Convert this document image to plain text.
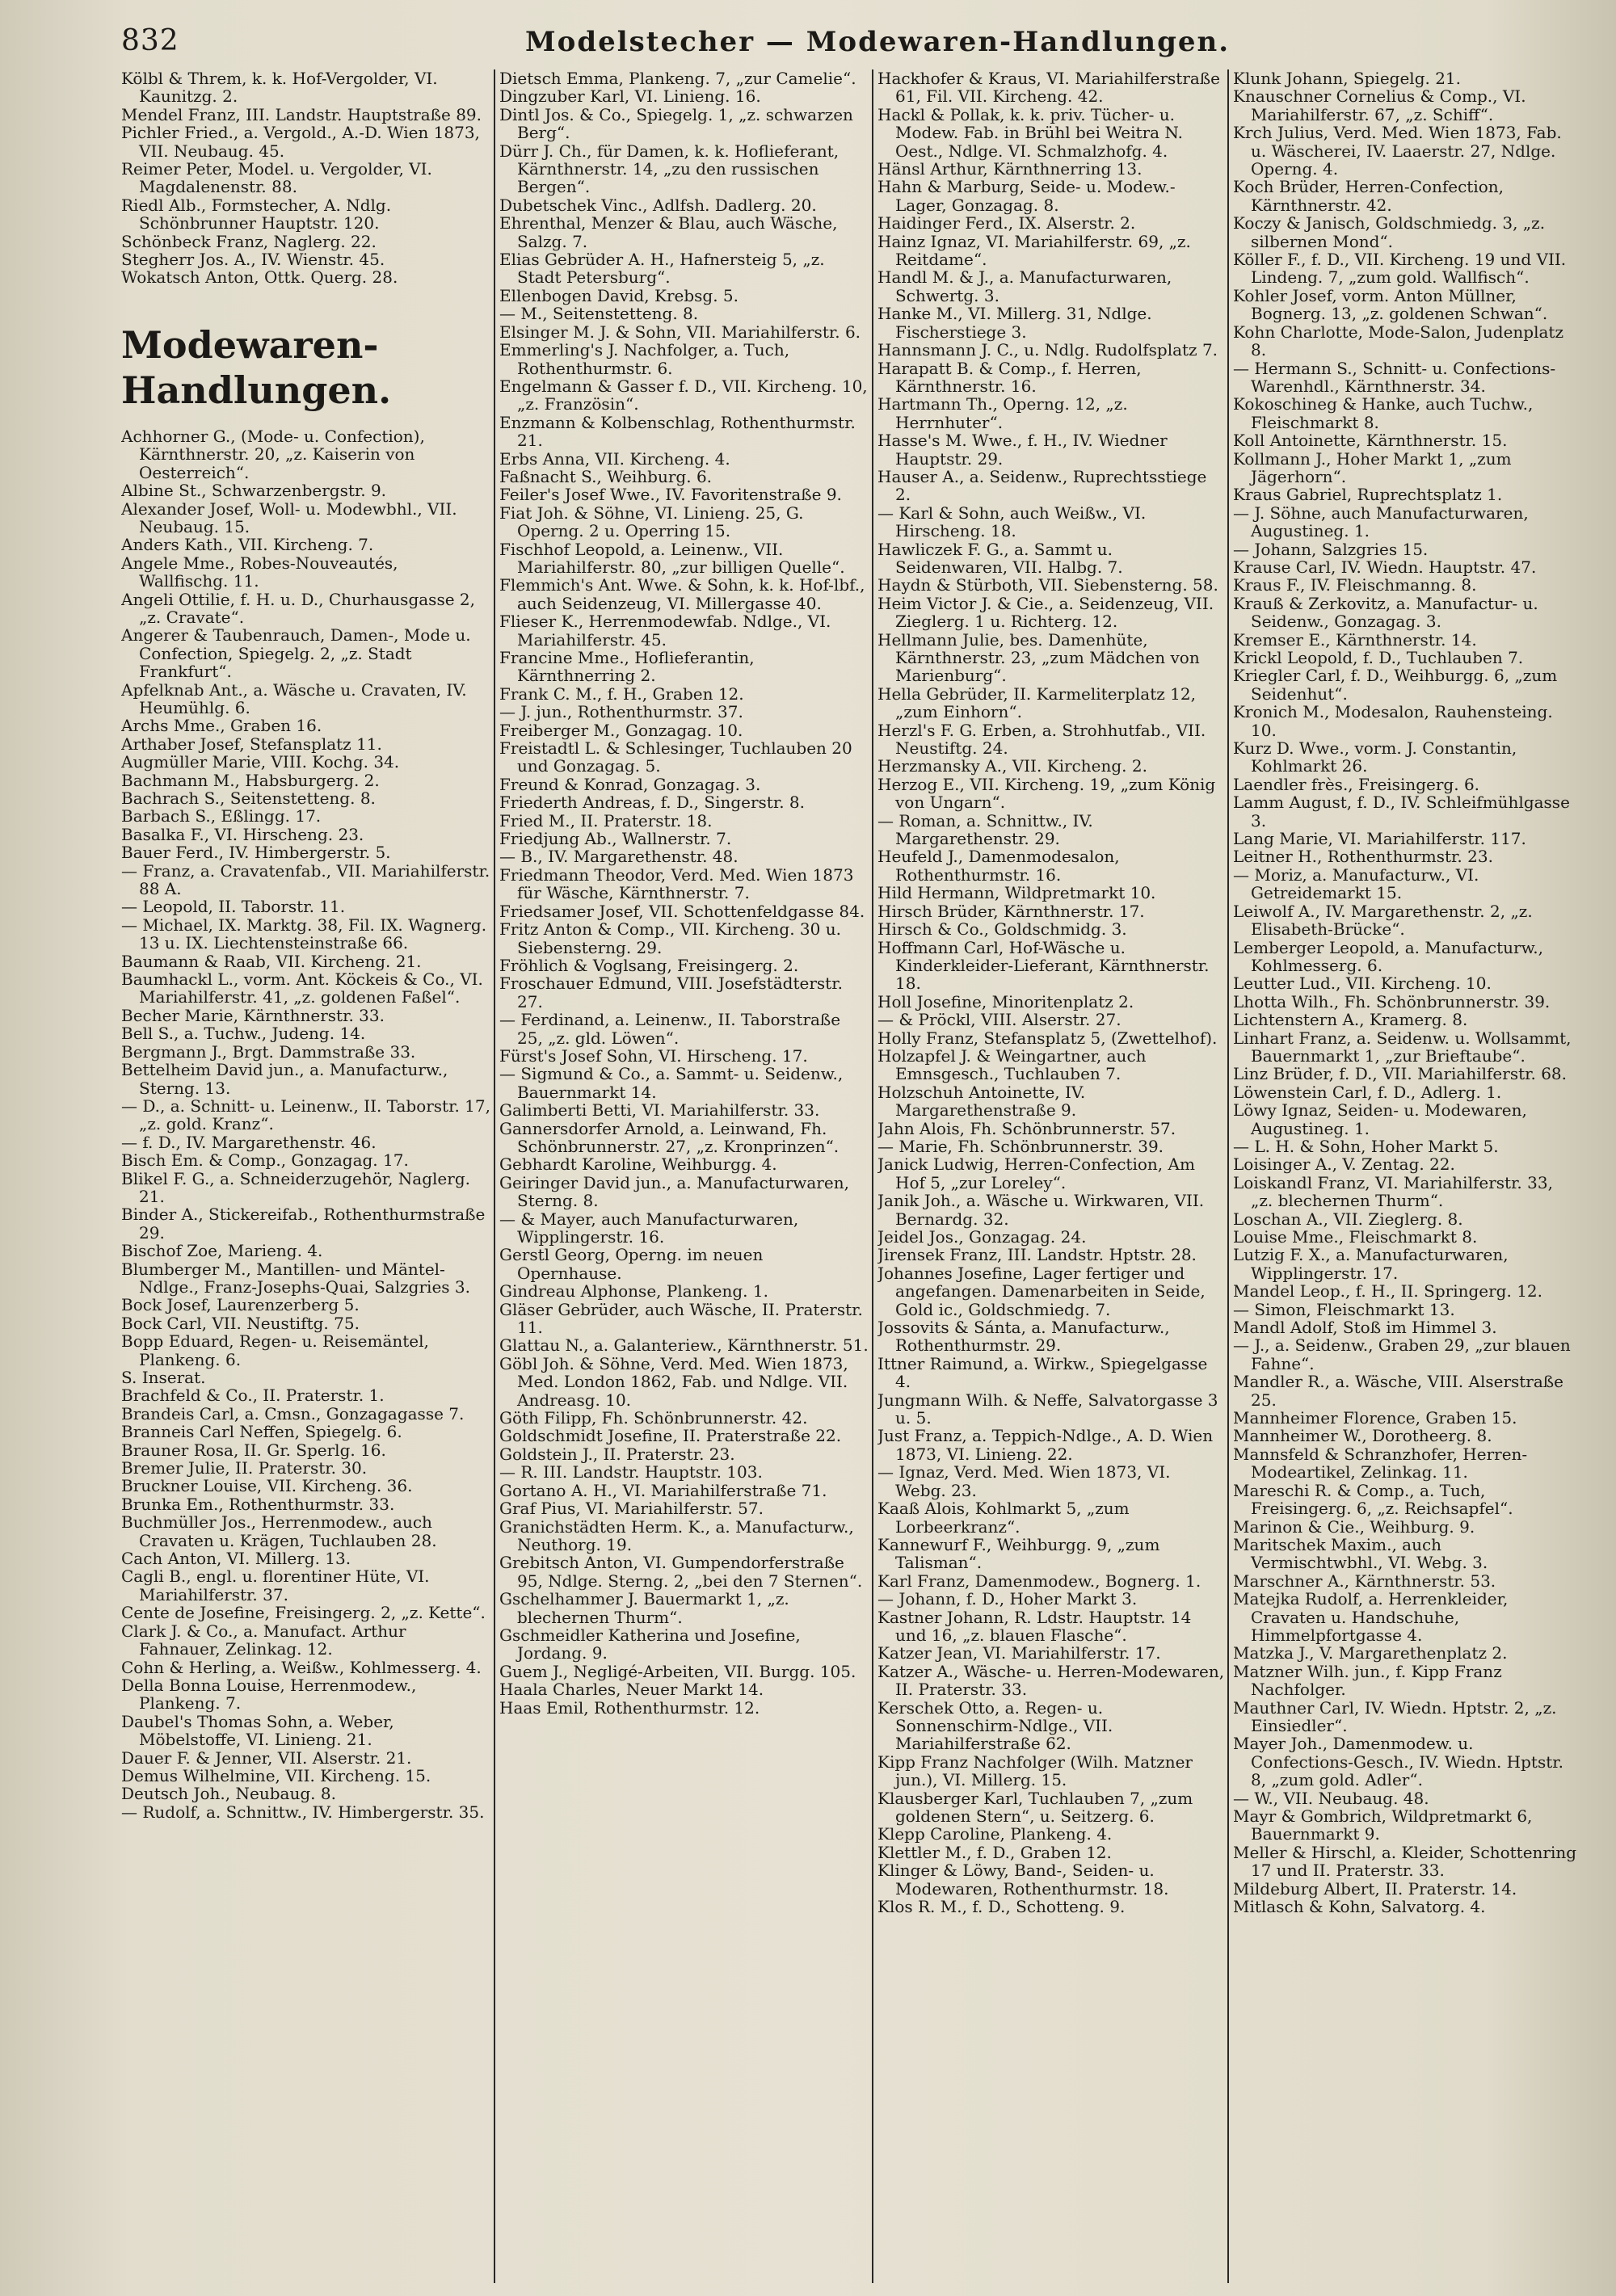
832	Modelstecher — Modewaren-Handlungen.

Kölbl & Threm, k. k. Hof-Vergolder, VI. Kaunitzg. 2.

Mendel Franz, III. Landstr. Hauptstraße 89.

Pichler Fried., a. Vergold., A.-D. Wien 1873, VII. Neubaug. 45.

Reimer Peter, Model. u. Vergolder, VI. Magdalenenstr. 88.

Riedl Alb., Formstecher, A. Ndlg. Schönbrunner Hauptstr. 120.

Schönbeck Franz, Naglerg. 22.

Stegherr Jos. A., IV. Wienstr. 45.

Wokatsch Anton, Ottk. Querg. 28.

Modewaren-Handlungen.

Achhorner G., (Mode- u. Confection), Kärnthnerstr. 20, „z. Kaiserin von Oesterreich“.

Albine St., Schwarzenbergstr. 9.

Alexander Josef, Woll- u. Modewbhl., VII. Neubaug. 15.

Anders Kath., VII. Kircheng. 7.

Angele Mme., Robes-Nouveautés, Wallfischg. 11.

Angeli Ottilie, f. H. u. D., Churhausgasse 2, „z. Cravate“.

Angerer & Taubenrauch, Damen-, Mode u. Confection, Spiegelg. 2, „z. Stadt Frankfurt“.

Apfelknab Ant., a. Wäsche u. Cravaten, IV. Heumühlg. 6.

Archs Mme., Graben 16.

Arthaber Josef, Stefansplatz 11.

Augmüller Marie, VIII. Kochg. 34.

Bachmann M., Habsburgerg. 2.

Bachrach S., Seitenstetteng. 8.

Barbach S., Eßlingg. 17.

Basalka F., VI. Hirscheng. 23.

Bauer Ferd., IV. Himbergerstr. 5.

— Franz, a. Cravatenfab., VII. Mariahilferstr. 88 A.

— Leopold, II. Taborstr. 11.

— Michael, IX. Marktg. 38, Fil. IX. Wagnerg. 13 u. IX. Liechtensteinstraße 66.

Baumann & Raab, VII. Kircheng. 21.

Baumhackl L., vorm. Ant. Köckeis & Co., VI. Mariahilferstr. 41, „z. goldenen Faßel“.

Becher Marie, Kärnthnerstr. 33.

Bell S., a. Tuchw., Judeng. 14.

Bergmann J., Brgt. Dammstraße 33.

Bettelheim David jun., a. Manufacturw., Sterng. 13.

— D., a. Schnitt- u. Leinenw., II. Taborstr. 17, „z. gold. Kranz“.

— f. D., IV. Margarethenstr. 46.

Bisch Em. & Comp., Gonzagag. 17.

Blikel F. G., a. Schneiderzugehör, Naglerg. 21.

Binder A., Stickereifab., Rothenthurmstraße 29.

Bischof Zoe, Marieng. 4.

Blumberger M., Mantillen- und Mäntel-Ndlge., Franz-Josephs-Quai, Salzgries 3.

Bock Josef, Laurenzerberg 5.

Bock Carl, VII. Neustiftg. 75.

Bopp Eduard, Regen- u. Reisemäntel, Plankeng. 6.

S. Inserat.

Brachfeld & Co., II. Praterstr. 1.

Brandeis Carl, a. Cmsn., Gonzagagasse 7.

Branneis Carl Neffen, Spiegelg. 6.

Brauner Rosa, II. Gr. Sperlg. 16.

Bremer Julie, II. Praterstr. 30.

Bruckner Louise, VII. Kircheng. 36.

Brunka Em., Rothenthurmstr. 33.

Buchmüller Jos., Herrenmodew., auch Cravaten u. Krägen, Tuchlauben 28.

Cach Anton, VI. Millerg. 13.

Cagli B., engl. u. florentiner Hüte, VI. Mariahilferstr. 37.

Cente de Josefine, Freisingerg. 2, „z. Kette“.

Clark J. & Co., a. Manufact. Arthur Fahnauer, Zelinkag. 12.

Cohn & Herling, a. Weißw., Kohlmesserg. 4.

Della Bonna Louise, Herrenmodew., Plankeng. 7.

Daubel's Thomas Sohn, a. Weber, Möbelstoffe, VI. Linieng. 21.

Dauer F. & Jenner, VII. Alserstr. 21.

Demus Wilhelmine, VII. Kircheng. 15.

Deutsch Joh., Neubaug. 8.

— Rudolf, a. Schnittw., IV. Himbergerstr. 35.

Dietsch Emma, Plankeng. 7, „zur Camelie“.

Dingzuber Karl, VI. Linieng. 16.

Dintl Jos. & Co., Spiegelg. 1, „z. schwarzen Berg“.

Dürr J. Ch., für Damen, k. k. Hoflieferant, Kärnthnerstr. 14, „zu den russischen Bergen“.

Dubetschek Vinc., Adlfsh. Dadlerg. 20.

Ehrenthal, Menzer & Blau, auch Wäsche, Salzg. 7.

Elias Gebrüder A. H., Hafnersteig 5, „z. Stadt Petersburg“.

Ellenbogen David, Krebsg. 5.

— M., Seitenstetteng. 8.

Elsinger M. J. & Sohn, VII. Mariahilferstr. 6.

Emmerling's J. Nachfolger, a. Tuch, Rothenthurmstr. 6.

Engelmann & Gasser f. D., VII. Kircheng. 10, „z. Französin“.

Enzmann & Kolbenschlag, Rothenthurmstr. 21.

Erbs Anna, VII. Kircheng. 4.

Faßnacht S., Weihburg. 6.

Feiler's Josef Wwe., IV. Favoritenstraße 9.

Fiat Joh. & Söhne, VI. Linieng. 25, G. Operng. 2 u. Operring 15.

Fischhof Leopold, a. Leinenw., VII. Mariahilferstr. 80, „zur billigen Quelle“.

Flemmich's Ant. Wwe. & Sohn, k. k. Hof-lbf., auch Seidenzeug, VI. Millergasse 40.

Flieser K., Herrenmodewfab. Ndlge., VI. Mariahilferstr. 45.

Francine Mme., Hoflieferantin, Kärnthnerring 2.

Frank C. M., f. H., Graben 12.

— J. jun., Rothenthurmstr. 37.

Freiberger M., Gonzagag. 10.

Freistadtl L. & Schlesinger, Tuchlauben 20 und Gonzagag. 5.

Freund & Konrad, Gonzagag. 3.

Friederth Andreas, f. D., Singerstr. 8.

Fried M., II. Praterstr. 18.

Friedjung Ab., Wallnerstr. 7.

— B., IV. Margarethenstr. 48.

Friedmann Theodor, Verd. Med. Wien 1873 für Wäsche, Kärnthnerstr. 7.

Friedsamer Josef, VII. Schottenfeldgasse 84.

Fritz Anton & Comp., VII. Kircheng. 30 u. Siebensterng. 29.

Fröhlich & Voglsang, Freisingerg. 2.

Froschauer Edmund, VIII. Josefstädterstr. 27.

— Ferdinand, a. Leinenw., II. Taborstraße 25, „z. gld. Löwen“.

Fürst's Josef Sohn, VI. Hirscheng. 17.

— Sigmund & Co., a. Sammt- u. Seidenw., Bauernmarkt 14.

Galimberti Betti, VI. Mariahilferstr. 33.

Gannersdorfer Arnold, a. Leinwand, Fh. Schönbrunnerstr. 27, „z. Kronprinzen“.

Gebhardt Karoline, Weihburgg. 4.

Geiringer David jun., a. Manufacturwaren, Sterng. 8.

— & Mayer, auch Manufacturwaren, Wipplingerstr. 16.

Gerstl Georg, Operng. im neuen Opernhause.

Gindreau Alphonse, Plankeng. 1.

Gläser Gebrüder, auch Wäsche, II. Praterstr. 11.

Glattau N., a. Galanteriew., Kärnthnerstr. 51.

Göbl Joh. & Söhne, Verd. Med. Wien 1873, Med. London 1862, Fab. und Ndlge. VII. Andreasg. 10.

Göth Filipp, Fh. Schönbrunnerstr. 42.

Goldschmidt Josefine, II. Praterstraße 22.

Goldstein J., II. Praterstr. 23.

— R. III. Landstr. Hauptstr. 103.

Gortano A. H., VI. Mariahilferstraße 71.

Graf Pius, VI. Mariahilferstr. 57.

Granichstädten Herm. K., a. Manufacturw., Neuthorg. 19.

Grebitsch Anton, VI. Gumpendorferstraße 95, Ndlge. Sterng. 2, „bei den 7 Sternen“.

Gschelhammer J. Bauermarkt 1, „z. blechernen Thurm“.

Gschmeidler Katherina und Josefine, Jordang. 9.

Guem J., Negligé-Arbeiten, VII. Burgg. 105.

Haala Charles, Neuer Markt 14.

Haas Emil, Rothenthurmstr. 12.

Hackhofer & Kraus, VI. Mariahilferstraße 61, Fil. VII. Kircheng. 42.

Hackl & Pollak, k. k. priv. Tücher- u. Modew. Fab. in Brühl bei Weitra N. Oest., Ndlge. VI. Schmalzhofg. 4.

Hänsl Arthur, Kärnthnerring 13.

Hahn & Marburg, Seide- u. Modew.-Lager, Gonzagag. 8.

Haidinger Ferd., IX. Alserstr. 2.

Hainz Ignaz, VI. Mariahilferstr. 69, „z. Reitdame“.

Handl M. & J., a. Manufacturwaren, Schwertg. 3.

Hanke M., VI. Millerg. 31, Ndlge. Fischerstiege 3.

Hannsmann J. C., u. Ndlg. Rudolfsplatz 7.

Harapatt B. & Comp., f. Herren, Kärnthnerstr. 16.

Hartmann Th., Operng. 12, „z. Herrnhuter“.

Hasse's M. Wwe., f. H., IV. Wiedner Hauptstr. 29.

Hauser A., a. Seidenw., Ruprechtsstiege 2.

— Karl & Sohn, auch Weißw., VI. Hirscheng. 18.

Hawliczek F. G., a. Sammt u. Seidenwaren, VII. Halbg. 7.

Haydn & Stürboth, VII. Siebensterng. 58.

Heim Victor J. & Cie., a. Seidenzeug, VII. Zieglerg. 1 u. Richterg. 12.

Hellmann Julie, bes. Damenhüte, Kärnthnerstr. 23, „zum Mädchen von Marienburg“.

Hella Gebrüder, II. Karmeliterplatz 12, „zum Einhorn“.

Herzl's F. G. Erben, a. Strohhutfab., VII. Neustiftg. 24.

Herzmansky A., VII. Kircheng. 2.

Herzog E., VII. Kircheng. 19, „zum König von Ungarn“.

— Roman, a. Schnittw., IV. Margarethenstr. 29.

Heufeld J., Damenmodesalon, Rothenthurmstr. 16.

Hild Hermann, Wildpretmarkt 10.

Hirsch Brüder, Kärnthnerstr. 17.

Hirsch & Co., Goldschmidg. 3.

Hoffmann Carl, Hof-Wäsche u. Kinderkleider-Lieferant, Kärnthnerstr. 18.

Holl Josefine, Minoritenplatz 2.

— & Pröckl, VIII. Alserstr. 27.

Holly Franz, Stefansplatz 5, (Zwettelhof).

Holzapfel J. & Weingartner, auch Emnsgesch., Tuchlauben 7.

Holzschuh Antoinette, IV. Margarethenstraße 9.

Jahn Alois, Fh. Schönbrunnerstr. 57.

— Marie, Fh. Schönbrunnerstr. 39.

Janick Ludwig, Herren-Confection, Am Hof 5, „zur Loreley“.

Janik Joh., a. Wäsche u. Wirkwaren, VII. Bernardg. 32.

Jeidel Jos., Gonzagag. 24.

Jirensek Franz, III. Landstr. Hptstr. 28.

Johannes Josefine, Lager fertiger und angefangen. Damenarbeiten in Seide, Gold ic., Goldschmiedg. 7.

Jossovits & Sánta, a. Manufacturw., Rothenthurmstr. 29.

Ittner Raimund, a. Wirkw., Spiegelgasse 4.

Jungmann Wilh. & Neffe, Salvatorgasse 3 u. 5.

Just Franz, a. Teppich-Ndlge., A. D. Wien 1873, VI. Linieng. 22.

— Ignaz, Verd. Med. Wien 1873, VI. Webg. 23.

Kaaß Alois, Kohlmarkt 5, „zum Lorbeerkranz“.

Kannewurf F., Weihburgg. 9, „zum Talisman“.

Karl Franz, Damenmodew., Bognerg. 1.

— Johann, f. D., Hoher Markt 3.

Kastner Johann, R. Ldstr. Hauptstr. 14 und 16, „z. blauen Flasche“.

Katzer Jean, VI. Mariahilferstr. 17.

Katzer A., Wäsche- u. Herren-Modewaren, II. Praterstr. 33.

Kerschek Otto, a. Regen- u. Sonnenschirm-Ndlge., VII. Mariahilferstraße 62.

Kipp Franz Nachfolger (Wilh. Matzner jun.), VI. Millerg. 15.

Klausberger Karl, Tuchlauben 7, „zum goldenen Stern“, u. Seitzerg. 6.

Klepp Caroline, Plankeng. 4.

Klettler M., f. D., Graben 12.

Klinger & Löwy, Band-, Seiden- u. Modewaren, Rothenthurmstr. 18.

Klos R. M., f. D., Schotteng. 9.

Klunk Johann, Spiegelg. 21.

Knauschner Cornelius & Comp., VI. Mariahilferstr. 67, „z. Schiff“.

Krch Julius, Verd. Med. Wien 1873, Fab. u. Wäscherei, IV. Laaerstr. 27, Ndlge. Operng. 4.

Koch Brüder, Herren-Confection, Kärnthnerstr. 42.

Koczy & Janisch, Goldschmiedg. 3, „z. silbernen Mond“.

Köller F., f. D., VII. Kircheng. 19 und VII. Lindeng. 7, „zum gold. Wallfisch“.

Kohler Josef, vorm. Anton Müllner, Bognerg. 13, „z. goldenen Schwan“.

Kohn Charlotte, Mode-Salon, Judenplatz 8.

— Hermann S., Schnitt- u. Confections-Warenhdl., Kärnthnerstr. 34.

Kokoschineg & Hanke, auch Tuchw., Fleischmarkt 8.

Koll Antoinette, Kärnthnerstr. 15.

Kollmann J., Hoher Markt 1, „zum Jägerhorn“.

Kraus Gabriel, Ruprechtsplatz 1.

— J. Söhne, auch Manufacturwaren, Augustineg. 1.

— Johann, Salzgries 15.

Krause Carl, IV. Wiedn. Hauptstr. 47.

Kraus F., IV. Fleischmanng. 8.

Krauß & Zerkovitz, a. Manufactur- u. Seidenw., Gonzagag. 3.

Kremser E., Kärnthnerstr. 14.

Krickl Leopold, f. D., Tuchlauben 7.

Kriegler Carl, f. D., Weihburgg. 6, „zum Seidenhut“.

Kronich M., Modesalon, Rauhensteing. 10.

Kurz D. Wwe., vorm. J. Constantin, Kohlmarkt 26.

Laendler frès., Freisingerg. 6.

Lamm August, f. D., IV. Schleifmühlgasse 3.

Lang Marie, VI. Mariahilferstr. 117.

Leitner H., Rothenthurmstr. 23.

— Moriz, a. Manufacturw., VI. Getreidemarkt 15.

Leiwolf A., IV. Margarethenstr. 2, „z. Elisabeth-Brücke“.

Lemberger Leopold, a. Manufacturw., Kohlmesserg. 6.

Leutter Lud., VII. Kircheng. 10.

Lhotta Wilh., Fh. Schönbrunnerstr. 39.

Lichtenstern A., Kramerg. 8.

Linhart Franz, a. Seidenw. u. Wollsammt, Bauernmarkt 1, „zur Brieftaube“.

Linz Brüder, f. D., VII. Mariahilferstr. 68.

Löwenstein Carl, f. D., Adlerg. 1.

Löwy Ignaz, Seiden- u. Modewaren, Augustineg. 1.

— L. H. & Sohn, Hoher Markt 5.

Loisinger A., V. Zentag. 22.

Loiskandl Franz, VI. Mariahilferstr. 33, „z. blechernen Thurm“.

Loschan A., VII. Zieglerg. 8.

Louise Mme., Fleischmarkt 8.

Lutzig F. X., a. Manufacturwaren, Wipplingerstr. 17.

Mandel Leop., f. H., II. Springerg. 12.

— Simon, Fleischmarkt 13.

Mandl Adolf, Stoß im Himmel 3.

— J., a. Seidenw., Graben 29, „zur blauen Fahne“.

Mandler R., a. Wäsche, VIII. Alserstraße 25.

Mannheimer Florence, Graben 15.

Mannheimer W., Dorotheerg. 8.

Mannsfeld & Schranzhofer, Herren-Modeartikel, Zelinkag. 11.

Mareschi R. & Comp., a. Tuch, Freisingerg. 6, „z. Reichsapfel“.

Marinon & Cie., Weihburg. 9.

Maritschek Maxim., auch Vermischtwbhl., VI. Webg. 3.

Marschner A., Kärnthnerstr. 53.

Matejka Rudolf, a. Herrenkleider, Cravaten u. Handschuhe, Himmelpfortgasse 4.

Matzka J., V. Margarethenplatz 2.

Matzner Wilh. jun., f. Kipp Franz Nachfolger.

Mauthner Carl, IV. Wiedn. Hptstr. 2, „z. Einsiedler“.

Mayer Joh., Damenmodew. u. Confections-Gesch., IV. Wiedn. Hptstr. 8, „zum gold. Adler“.

— W., VII. Neubaug. 48.

Mayr & Gombrich, Wildpretmarkt 6, Bauernmarkt 9.

Meller & Hirschl, a. Kleider, Schottenring 17 und II. Praterstr. 33.

Mildeburg Albert, II. Praterstr. 14.

Mitlasch & Kohn, Salvatorg. 4.
